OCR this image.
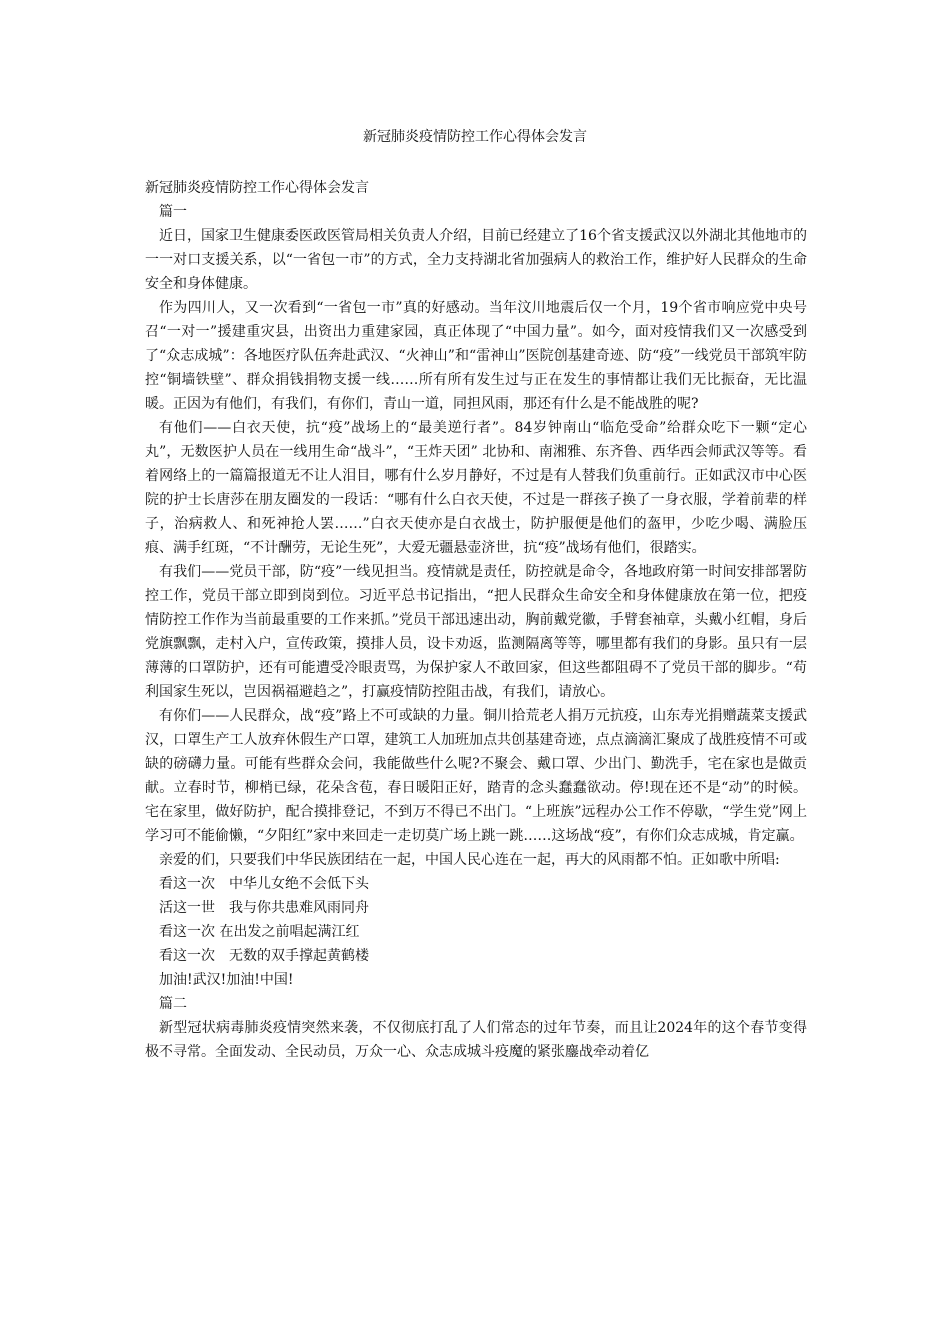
新冠肺炎疫情防控工作心得体会发言

新冠肺炎疫情防控工作心得体会发言

篇一

近日，国家卫生健康委医政医管局相关负责人介绍，目前已经建立了16个省支援武汉以外湖北其他地市的一一对口支援关系，以“一省包一市”的方式，全力支持湖北省加强病人的救治工作，维护好人民群众的生命安全和身体健康。

作为四川人，又一次看到“一省包一市”真的好感动。当年汶川地震后仅一个月，19个省市响应党中央号召“一对一”援建重灾县，出资出力重建家园，真正体现了“中国力量”。如今，面对疫情我们又一次感受到了“众志成城”：各地医疗队伍奔赴武汉、“火神山”和“雷神山”医院创基建奇迹、防“疫”一线党员干部筑牢防控“铜墙铁壁”、群众捐钱捐物支援一线……所有所有发生过与正在发生的事情都让我们无比振奋，无比温暖。正因为有他们，有我们，有你们，青山一道，同担风雨，那还有什么是不能战胜的呢?

有他们——白衣天使，抗“疫”战场上的“最美逆行者”。84岁钟南山“临危受命”给群众吃下一颗“定心丸”，无数医护人员在一线用生命“战斗”，“王炸天团” 北协和、南湘雅、东齐鲁、西华西会师武汉等等。看着网络上的一篇篇报道无不让人泪目，哪有什么岁月静好，不过是有人替我们负重前行。正如武汉市中心医院的护士长唐莎在朋友圈发的一段话：“哪有什么白衣天使，不过是一群孩子换了一身衣服，学着前辈的样子，治病救人、和死神抢人罢……”白衣天使亦是白衣战士，防护服便是他们的盔甲，少吃少喝、满脸压痕、满手红斑，“不计酬劳，无论生死”，大爱无疆悬壶济世，抗“疫”战场有他们，很踏实。

有我们——党员干部，防“疫”一线见担当。疫情就是责任，防控就是命令，各地政府第一时间安排部署防控工作，党员干部立即到岗到位。习近平总书记指出，“把人民群众生命安全和身体健康放在第一位，把疫情防控工作作为当前最重要的工作来抓。”党员干部迅速出动，胸前戴党徽，手臂套袖章，头戴小红帽，身后党旗飘飘，走村入户，宣传政策，摸排人员，设卡劝返，监测隔离等等，哪里都有我们的身影。虽只有一层薄薄的口罩防护，还有可能遭受冷眼责骂，为保护家人不敢回家，但这些都阻碍不了党员干部的脚步。“苟利国家生死以，岂因祸福避趋之”，打赢疫情防控阻击战，有我们，请放心。

有你们——人民群众，战“疫”路上不可或缺的力量。铜川拾荒老人捐万元抗疫，山东寿光捐赠蔬菜支援武汉，口罩生产工人放弃休假生产口罩，建筑工人加班加点共创基建奇迹，点点滴滴汇聚成了战胜疫情不可或缺的磅礴力量。可能有些群众会问，我能做些什么呢?不聚会、戴口罩、少出门、勤洗手，宅在家也是做贡献。立春时节，柳梢已绿，花朵含苞，春日暖阳正好，踏青的念头蠢蠢欲动。停!现在还不是“动”的时候。宅在家里，做好防护，配合摸排登记，不到万不得已不出门。“上班族”远程办公工作不停歇，“学生党”网上学习可不能偷懒，“夕阳红”家中来回走一走切莫广场上跳一跳……这场战“疫”，有你们众志成城，肯定赢。

亲爱的们，只要我们中华民族团结在一起，中国人民心连在一起，再大的风雨都不怕。正如歌中所唱:

看这一次　中华儿女绝不会低下头

活这一世　我与你共患难风雨同舟

看这一次 在出发之前唱起满江红

看这一次　无数的双手撑起黄鹤楼

加油!武汉!加油!中国!

篇二

新型冠状病毒肺炎疫情突然来袭，不仅彻底打乱了人们常态的过年节奏，而且让2024年的这个春节变得极不寻常。全面发动、全民动员，万众一心、众志成城斗疫魔的紧张鏖战牵动着亿
